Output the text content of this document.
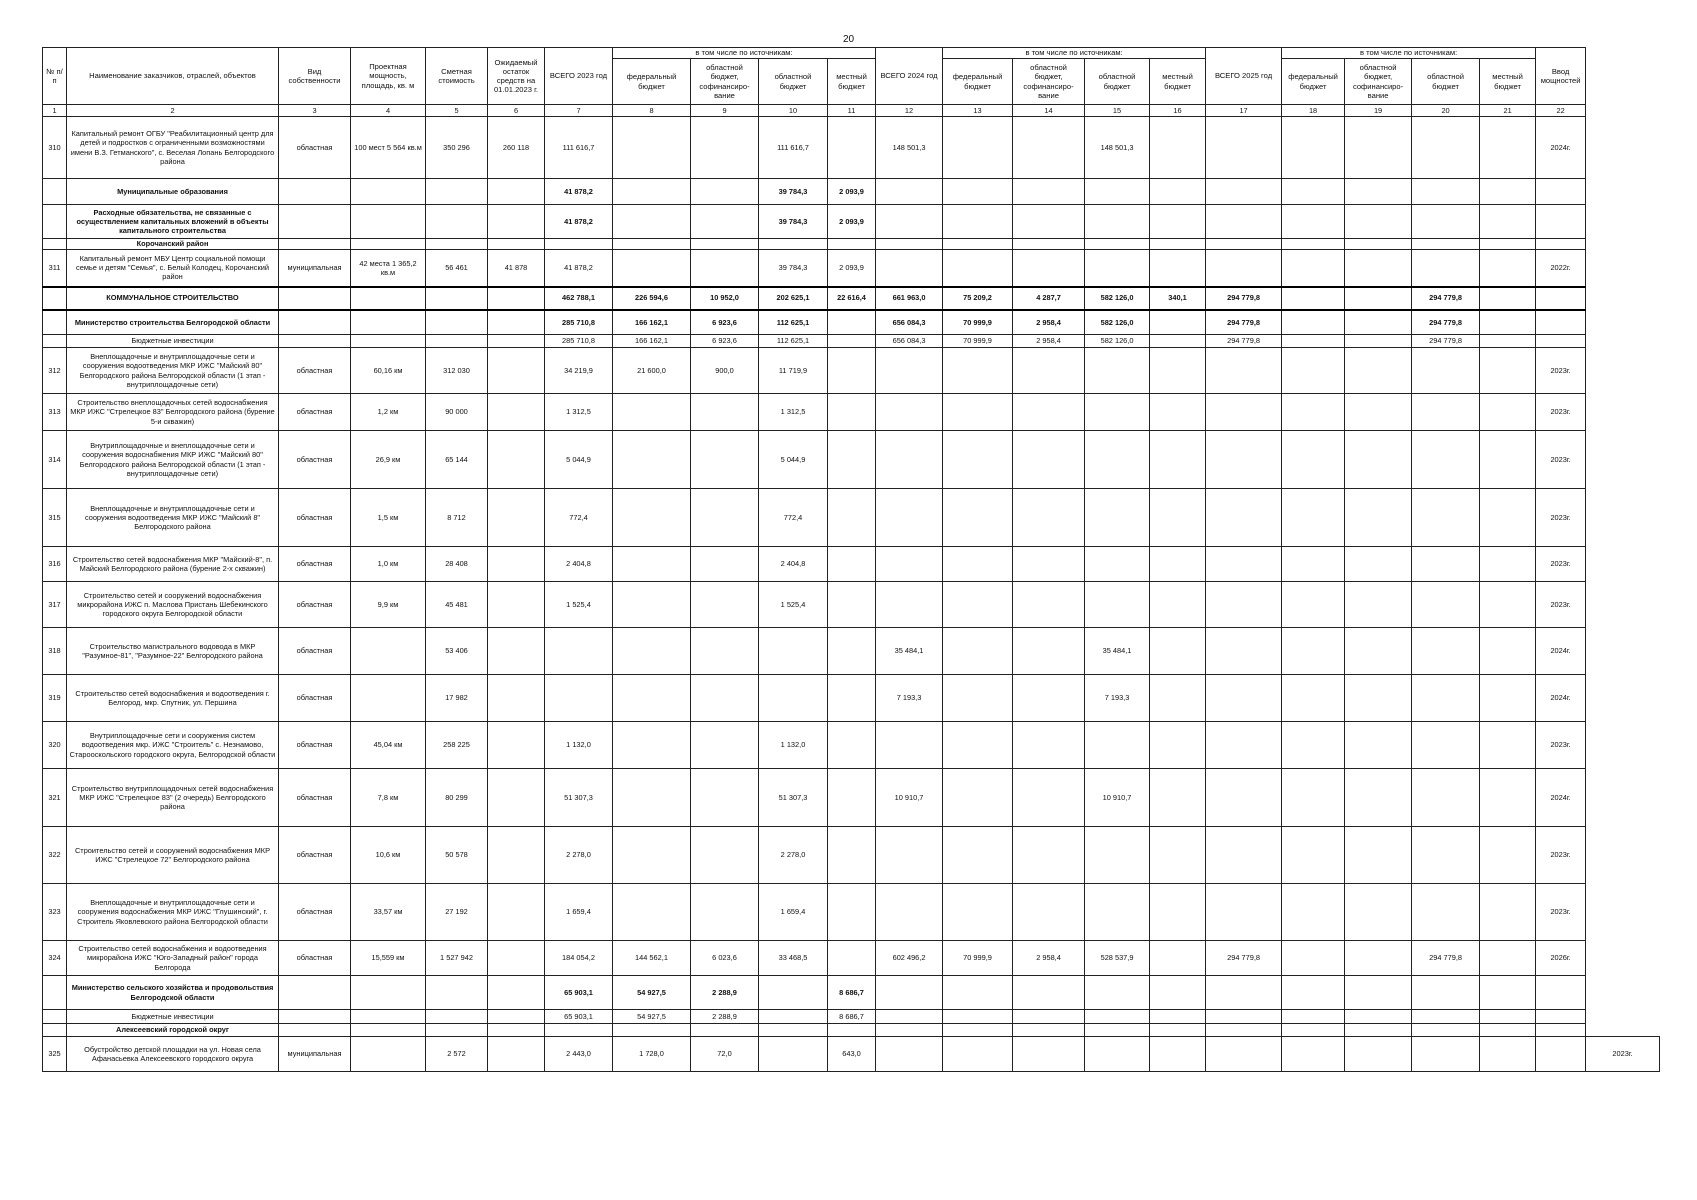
20
№ п/п	Наименование заказчиков, отраслей, объектов	Вид собственности	Проектная мощность, площадь, кв. м	Сметная стоимость	Ожидаемый остаток средств на 01.01.2023 г.	ВСЕГО 2023 год	в том числе по источникам:				ВСЕГО 2024 год	в том числе по источникам:				ВСЕГО 2025 год	в том числе по источникам:				Ввод мощностей	
							федеральный бюджет	областной бюджет, софинансиро- вание	областной бюджет	местный бюджет		федеральный бюджет	областной бюджет, софинансиро- вание	областной бюджет	местный бюджет		федеральный бюджет	областной бюджет, софинансиро- вание	областной бюджет	местный бюджет		
1	2	3	4	5	6	7	8	9	10	11	12	13	14	15	16	17	18	19	20	21	22	
310	Капитальный ремонт ОГБУ "Реабилитационный центр для детей и подростков с ограниченными возможностями имени В.З. Гетманского", с. Веселая Лопань Белгородского района	областная	100 мест 5 564 кв.м	350 296	260 118	111 616,7			111 616,7		148 501,3			148 501,3							2024г.	
	Муниципальные образования					41 878,2			39 784,3	2 093,9												
	Расходные обязательства, не связанные с осуществлением капитальных вложений в объекты капитального строительства					41 878,2			39 784,3	2 093,9												
	Корочанский район																					
311	Капитальный ремонт МБУ Центр социальной помощи семье и детям "Семья", с. Белый Колодец, Корочанский район	муниципальная	42 места 1 365,2 кв.м	56 461	41 878	41 878,2			39 784,3	2 093,9											2022г.	
	КОММУНАЛЬНОЕ СТРОИТЕЛЬСТВО					462 788,1	226 594,6	10 952,0	202 625,1	22 616,4	661 963,0	75 209,2	4 287,7	582 126,0	340,1	294 779,8			294 779,8			
	Министерство строительства Белгородской области					285 710,8	166 162,1	6 923,6	112 625,1		656 084,3	70 999,9	2 958,4	582 126,0		294 779,8			294 779,8			
	Бюджетные инвестиции					285 710,8	166 162,1	6 923,6	112 625,1		656 084,3	70 999,9	2 958,4	582 126,0		294 779,8			294 779,8			
312	Внеплощадочные и внутриплощадочные сети и сооружения водоотведения МКР ИЖС "Майский 80" Белгородского района Белгородской области (1 этап - внутриплощадочные сети)	областная	60,16 км	312 030		34 219,9	21 600,0	900,0	11 719,9												2023г.	
313	Строительство внеплощадочных сетей водоснабжения МКР ИЖС "Стрелецкое 83" Белгородского района (бурение 5-и скважин)	областная	1,2 км	90 000		1 312,5			1 312,5												2023г.	
314	Внутриплощадочные и внеплощадочные сети и сооружения водоснабжения МКР ИЖС "Майский 80" Белгородского района Белгородской области (1 этап - внутриплощадочные сети)	областная	26,9 км	65 144		5 044,9			5 044,9												2023г.	
315	Внеплощадочные и внутриплощадочные сети и сооружения водоотведения МКР ИЖС "Майский 8" Белгородского района	областная	1,5 км	8 712		772,4			772,4												2023г.	
316	Строительство сетей водоснабжения МКР "Майский-8", п. Майский Белгородского района (бурение 2-х скважин)	областная	1,0 км	28 408		2 404,8			2 404,8												2023г.	
317	Строительство сетей и сооружений водоснабжения микрорайона ИЖС п. Маслова Пристань Шебекинского городского округа Белгородской области	областная	9,9 км	45 481		1 525,4			1 525,4												2023г.	
318	Строительство магистрального водовода в МКР "Разумное-81", "Разумное-22" Белгородского района	областная		53 406							35 484,1			35 484,1							2024г.	
319	Строительство сетей водоснабжения и водоотведения г. Белгород, мкр. Спутник, ул. Першина	областная		17 982							7 193,3			7 193,3							2024г.	
320	Внутриплощадочные сети и сооружения систем водоотведения мкр. ИЖС "Строитель" с. Незнамово, Старооскольского городского округа, Белгородской области	областная	45,04 км	258 225		1 132,0			1 132,0												2023г.	
321	Строительство внутриплощадочных сетей водоснабжения МКР ИЖС "Стрелецкое 83" (2 очередь) Белгородского района	областная	7,8 км	80 299		51 307,3			51 307,3		10 910,7			10 910,7							2024г.	
322	Строительство сетей и сооружений водоснабжения МКР ИЖС "Стрелецкое 72" Белгородского района	областная	10,6 км	50 578		2 278,0			2 278,0												2023г.	
323	Внеплощадочные и внутриплощадочные сети и сооружения водоснабжения МКР ИЖС "Глушинский", г. Строитель Яковлевского района Белгородской области	областная	33,57 км	27 192		1 659,4			1 659,4												2023г.	
324	Строительство сетей водоснабжения и водоотведения микрорайона ИЖС "Юго-Западный район" города Белгорода	областная	15,559 км	1 527 942		184 054,2	144 562,1	6 023,6	33 468,5		602 496,2	70 999,9	2 958,4	528 537,9		294 779,8			294 779,8		2026г.	
	Министерство сельского хозяйства и продовольствия Белгородской области					65 903,1	54 927,5	2 288,9		8 686,7												
	Бюджетные инвестиции					65 903,1	54 927,5	2 288,9		8 686,7												
	Алексеевский городской округ																					
325	Обустройство детской площадки на ул. Новая села Афанасьевка Алексеевского городского округа	муниципальная		2 572		2 443,0	1 728,0	72,0		643,0												2023г.
